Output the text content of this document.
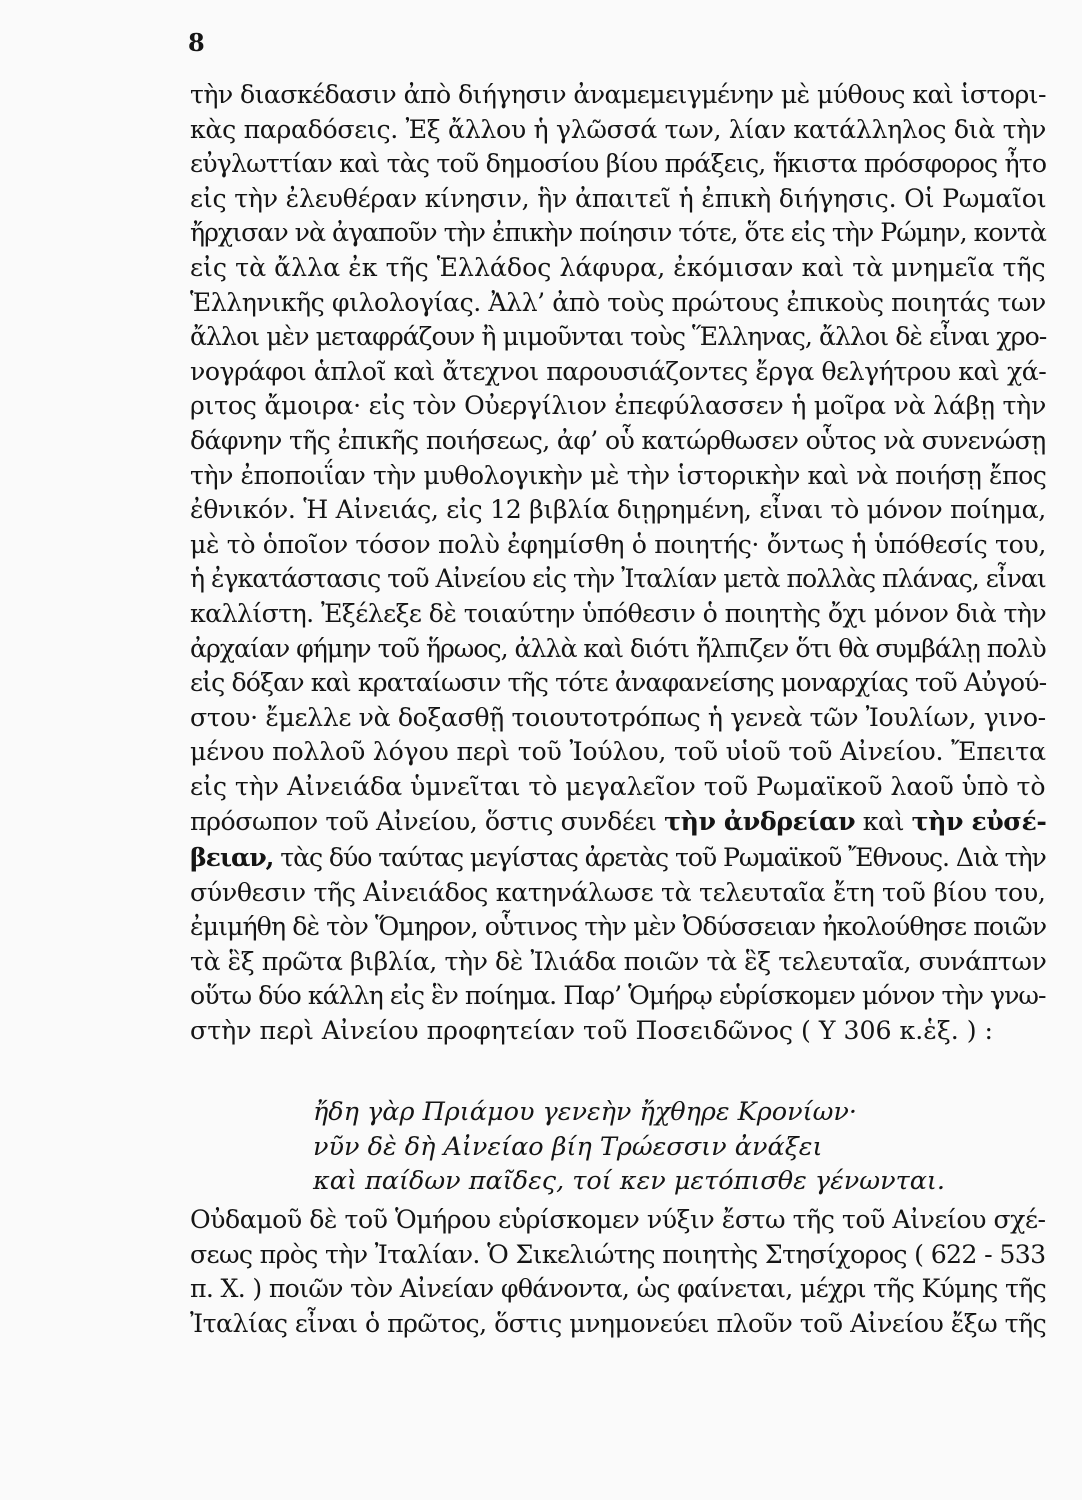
8
τὴν διασκέδασιν ἀπὸ διήγησιν ἀναμεμειγμένην μὲ μύθους καὶ ἱστορι-
κὰς παραδόσεις. Ἐξ ἄλλου ἡ γλῶσσά των, λίαν κατάλληλος διὰ τὴν
εὐγλωττίαν καὶ τὰς τοῦ δημοσίου βίου πράξεις, ἥκιστα πρόσφορος ἦτο
εἰς τὴν ἐλευθέραν κίνησιν, ἣν ἀπαιτεῖ ἡ ἐπικὴ διήγησις. Οἱ Ρωμαῖοι
ἤρχισαν νὰ ἀγαποῦν τὴν ἐπικὴν ποίησιν τότε, ὅτε εἰς τὴν Ρώμην, κοντὰ
εἰς τὰ ἄλλα ἐκ τῆς Ἑλλάδος λάφυρα, ἐκόμισαν καὶ τὰ μνημεῖα τῆς
Ἑλληνικῆς φιλολογίας. Ἀλλ’ ἀπὸ τοὺς πρώτους ἐπικοὺς ποιητάς των
ἄλλοι μὲν μεταφράζουν ἢ μιμοῦνται τοὺς Ἕλληνας, ἄλλοι δὲ εἶναι χρο-
νογράφοι ἁπλοῖ καὶ ἄτεχνοι παρουσιάζοντες ἔργα θελγήτρου καὶ χά-
ριτος ἄμοιρα· εἰς τὸν Οὐεργίλιον ἐπεφύλασσεν ἡ μοῖρα νὰ λάβῃ τὴν
δάφνην τῆς ἐπικῆς ποιήσεως, ἀφ’ οὗ κατώρθωσεν οὗτος νὰ συνενώσῃ
τὴν ἐποποιΐαν τὴν μυθολογικὴν μὲ τὴν ἱστορικὴν καὶ νὰ ποιήσῃ ἔπος
ἐθνικόν. Ἡ Αἰνειάς, εἰς 12 βιβλία διῃρημένη, εἶναι τὸ μόνον ποίημα,
μὲ τὸ ὁποῖον τόσον πολὺ ἐφημίσθη ὁ ποιητής· ὄντως ἡ ὑπόθεσίς του,
ἡ ἐγκατάστασις τοῦ Αἰνείου εἰς τὴν Ἰταλίαν μετὰ πολλὰς πλάνας, εἶναι
καλλίστη. Ἐξέλεξε δὲ τοιαύτην ὑπόθεσιν ὁ ποιητὴς ὄχι μόνον διὰ τὴν
ἀρχαίαν φήμην τοῦ ἥρωος, ἀλλὰ καὶ διότι ἤλπιζεν ὅτι θὰ συμβάλῃ πολὺ
εἰς δόξαν καὶ κραταίωσιν τῆς τότε ἀναφανείσης μοναρχίας τοῦ Αὐγού-
στου· ἔμελλε νὰ δοξασθῇ τοιουτοτρόπως ἡ γενεὰ τῶν Ἰουλίων, γινο-
μένου πολλοῦ λόγου περὶ τοῦ Ἰούλου, τοῦ υἱοῦ τοῦ Αἰνείου. Ἔπειτα
εἰς τὴν Αἰνειάδα ὑμνεῖται τὸ μεγαλεῖον τοῦ Ρωμαϊκοῦ λαοῦ ὑπὸ τὸ
πρόσωπον τοῦ Αἰνείου, ὅστις συνδέει τὴν ἀνδρείαν καὶ τὴν εὐσέ-
βειαν, τὰς δύο ταύτας μεγίστας ἀρετὰς τοῦ Ρωμαϊκοῦ Ἔθνους. Διὰ τὴν
σύνθεσιν τῆς Αἰνειάδος κατηνάλωσε τὰ τελευταῖα ἔτη τοῦ βίου του,
ἐμιμήθη δὲ τὸν Ὅμηρον, οὗτινος τὴν μὲν Ὀδύσσειαν ἠκολούθησε ποιῶν
τὰ ἓξ πρῶτα βιβλία, τὴν δὲ Ἰλιάδα ποιῶν τὰ ἓξ τελευταῖα, συνάπτων
οὕτω δύο κάλλη εἰς ἓν ποίημα. Παρ’ Ὁμήρῳ εὑρίσκομεν μόνον τὴν γνω-
στὴν περὶ Αἰνείου προφητείαν τοῦ Ποσειδῶνος ( Υ 306 κ.ἑξ. ) :
ἤδη γὰρ Πριάμου γενεὴν ἤχθηρε Κρονίων·
νῦν δὲ δὴ Αἰνείαο βίη Τρώεσσιν ἀνάξει
καὶ παίδων παῖδες, τοί κεν μετόπισθε γένωνται.
Οὐδαμοῦ δὲ τοῦ Ὁμήρου εὑρίσκομεν νύξιν ἔστω τῆς τοῦ Αἰνείου σχέ-
σεως πρὸς τὴν Ἰταλίαν. Ὁ Σικελιώτης ποιητὴς Στησίχορος ( 622 - 533
π. Χ. ) ποιῶν τὸν Αἰνείαν φθάνοντα, ὡς φαίνεται, μέχρι τῆς Κύμης τῆς
Ἰταλίας εἶναι ὁ πρῶτος, ὅστις μνημονεύει πλοῦν τοῦ Αἰνείου ἔξω τῆς
